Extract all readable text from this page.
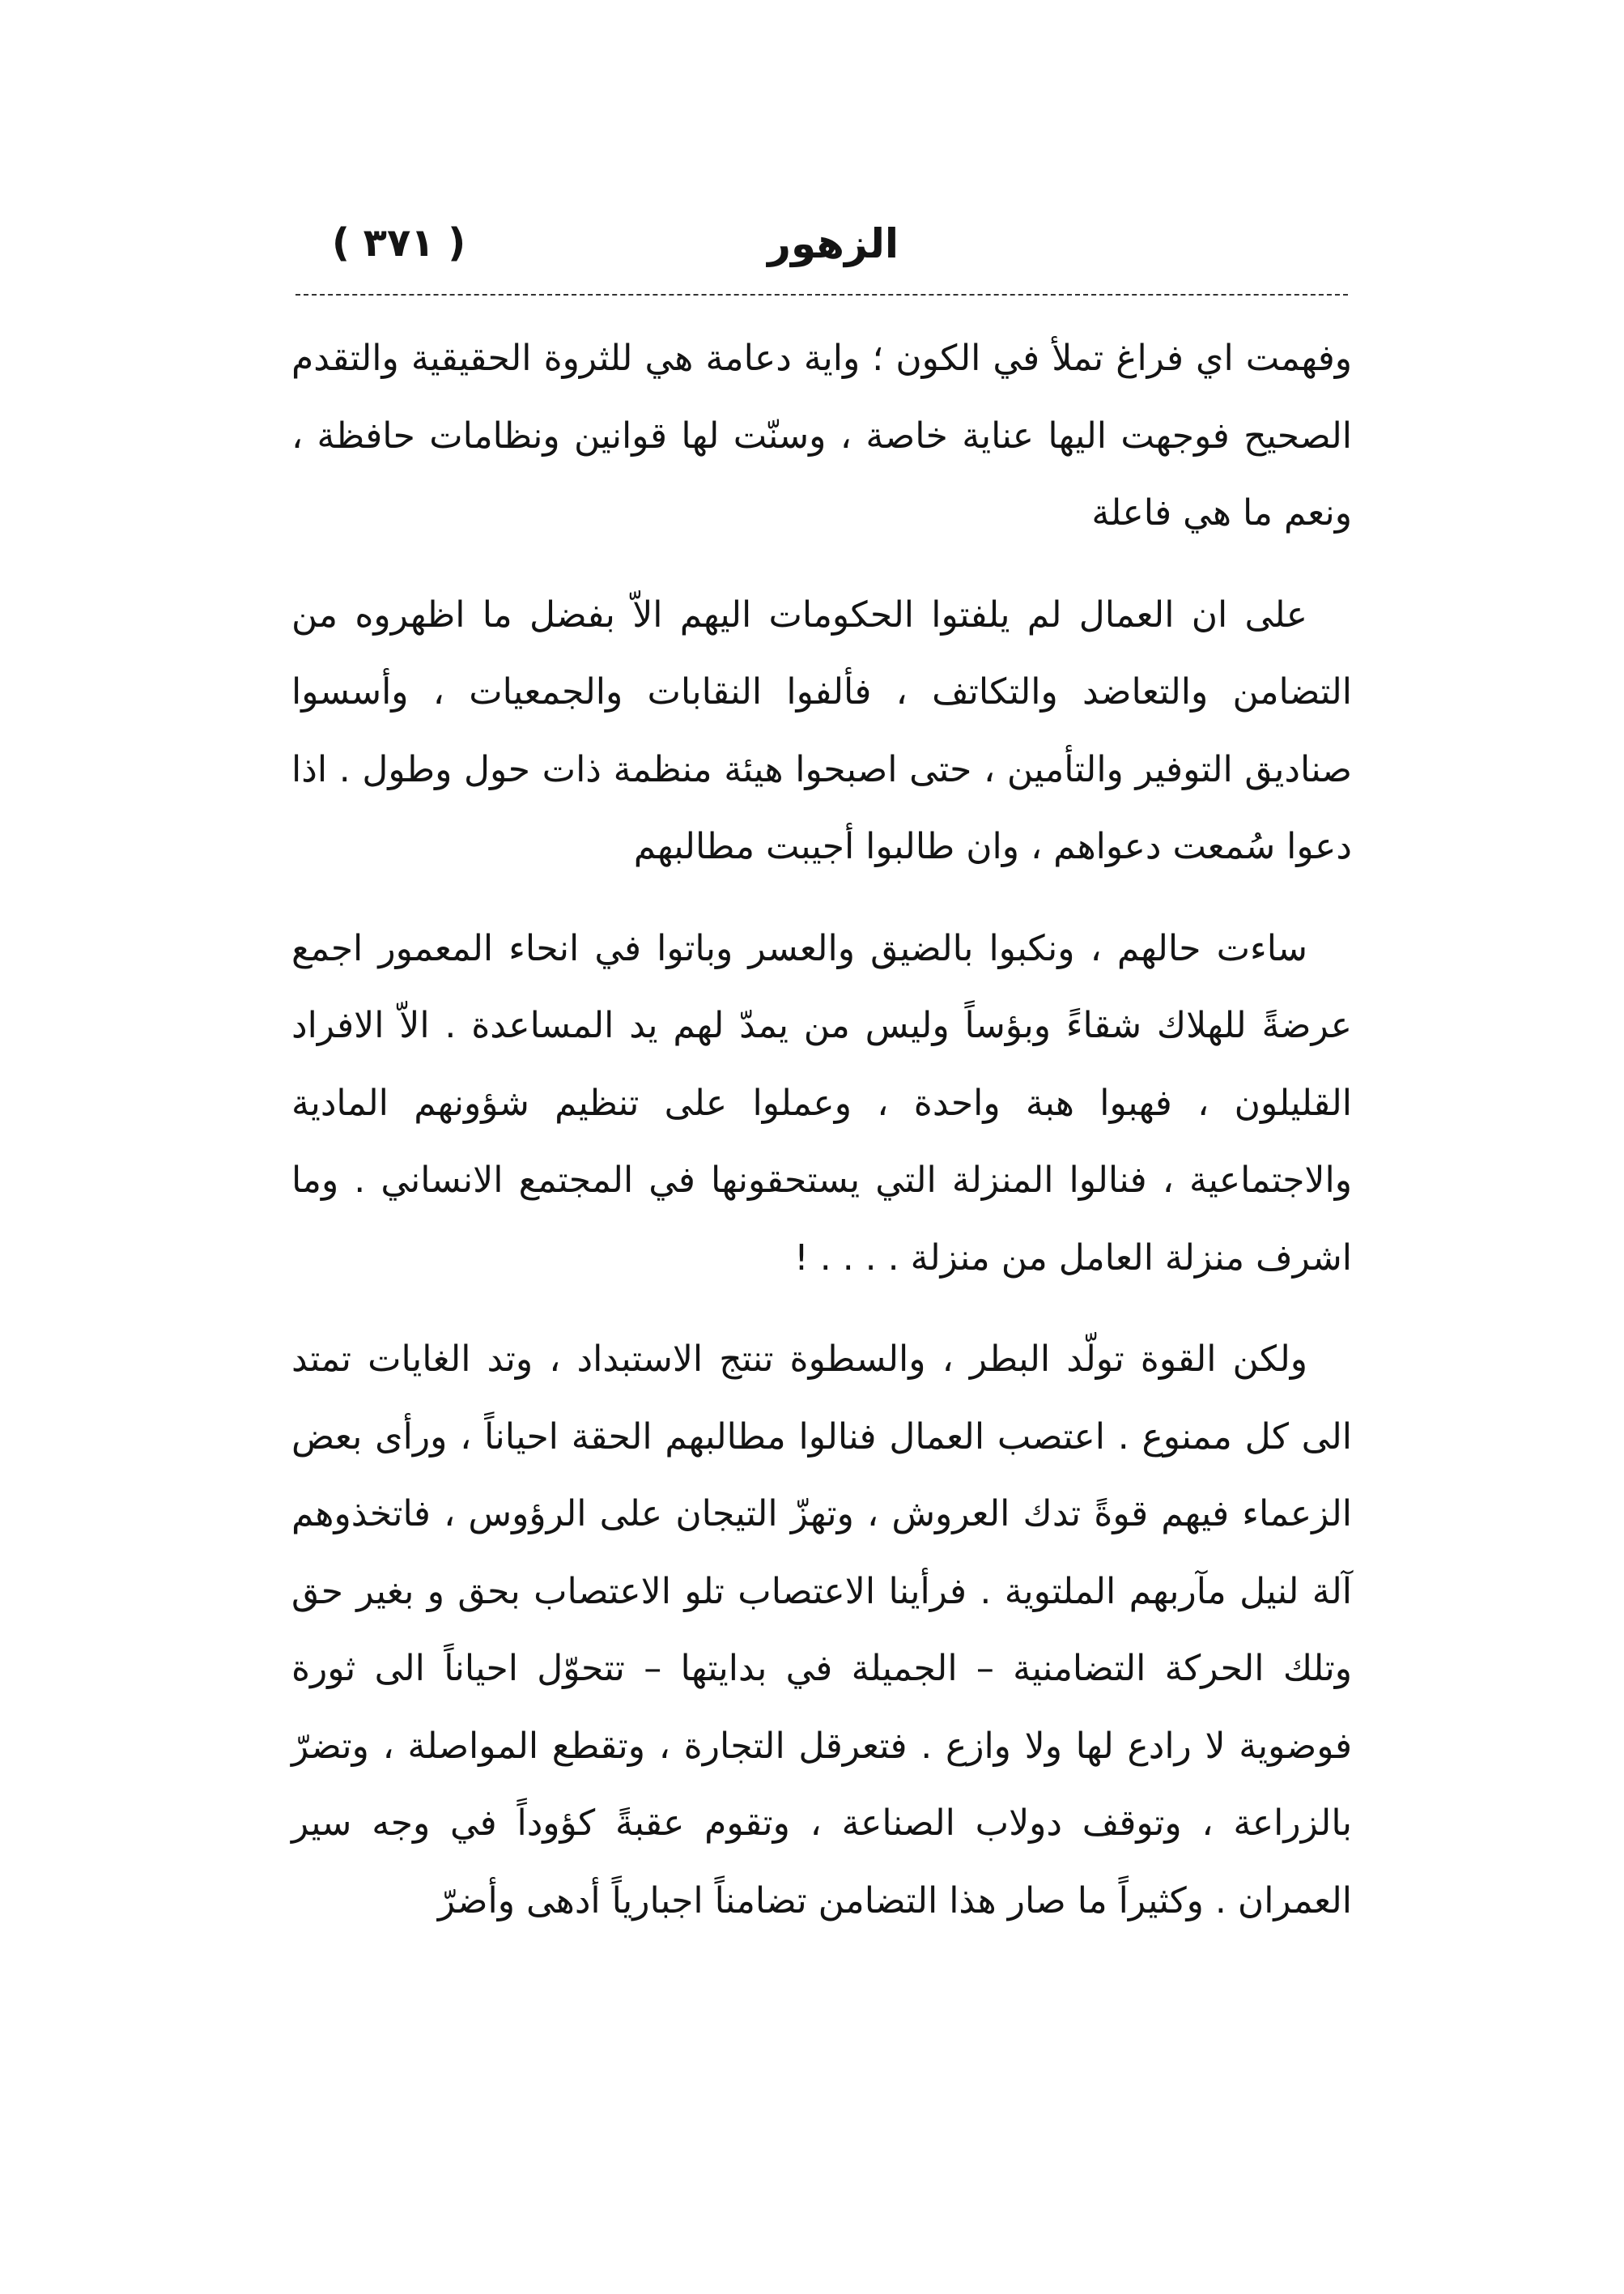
الزهور
( ٣٧١ )

وفهمت اي فراغ تملأ في الكون ؛ واية دعامة هي للثروة الحقيقية والتقدم الصحيح فوجهت اليها عناية خاصة ، وسنّت لها قوانين ونظامات حافظة ، ونعم ما هي فاعلة

على ان العمال لم يلفتوا الحكومات اليهم الاّ بفضل ما اظهروه من التضامن والتعاضد والتكاتف ، فألفوا النقابات والجمعيات ، وأسسوا صناديق التوفير والتأمين ، حتى اصبحوا هيئة منظمة ذات حول وطول . اذا دعوا سُمعت دعواهم ، وان طالبوا أجيبت مطالبهم

ساءت حالهم ، ونكبوا بالضيق والعسر وباتوا في انحاء المعمور اجمع عرضةً للهلاك شقاءً وبؤساً وليس من يمدّ لهم يد المساعدة . الاّ الافراد القليلون ، فهبوا هبة واحدة ، وعملوا على تنظيم شؤونهم المادية والاجتماعية ، فنالوا المنزلة التي يستحقونها في المجتمع الانساني . وما اشرف منزلة العامل من منزلة . . . . !

ولكن القوة تولّد البطر ، والسطوة تنتج الاستبداد ، وتد الغايات تمتد الى كل ممنوع . اعتصب العمال فنالوا مطالبهم الحقة احياناً ، ورأى بعض الزعماء فيهم قوةً تدك العروش ، وتهزّ التيجان على الرؤوس ، فاتخذوهم آلة لنيل مآربهم الملتوية . فرأينا الاعتصاب تلو الاعتصاب بحق و بغير حق وتلك الحركة التضامنية – الجميلة في بدايتها – تتحوّل احياناً الى ثورة فوضوية لا رادع لها ولا وازع . فتعرقل التجارة ، وتقطع المواصلة ، وتضرّ بالزراعة ، وتوقف دولاب الصناعة ، وتقوم عقبةً كؤوداً في وجه سير العمران . وكثيراً ما صار هذا التضامن تضامناً اجبارياً أدهى وأضرّ
